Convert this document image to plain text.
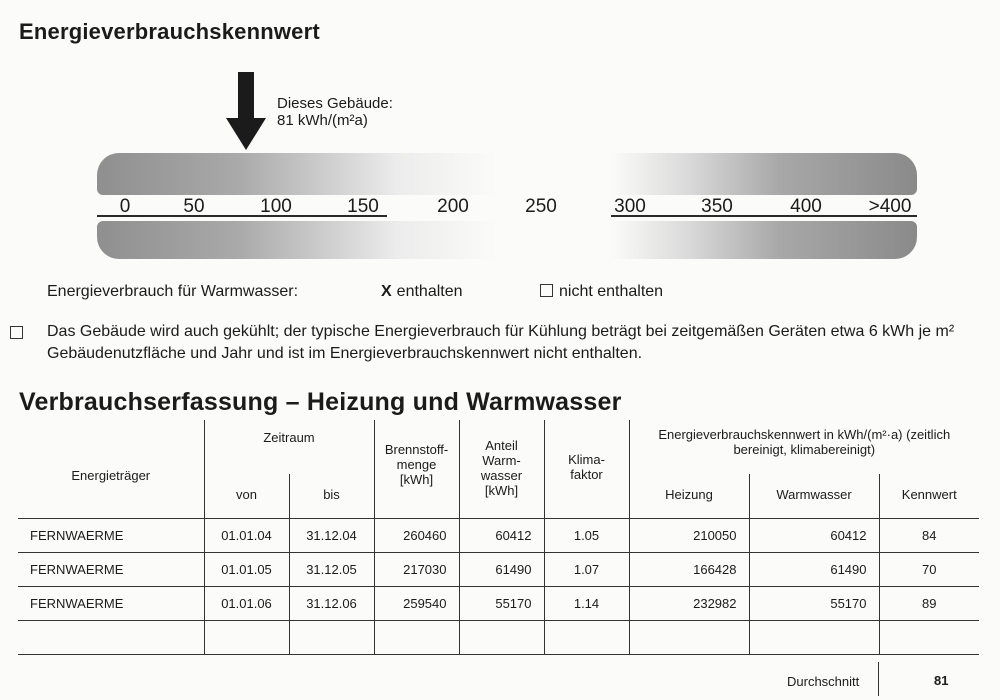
Energieverbrauchskennwert
Dieses Gebäude:
81 kWh/(m²a)
0	50	100	150	200	250	300	350	400 >400
Energieverbrauch für Warmwasser:	X enthalten	nicht enthalten
Das Gebäude wird auch gekühlt; der typische Energieverbrauch für Kühlung beträgt bei zeitgemäßen Geräten etwa 6 kWh je m² Gebäudenutzfläche und Jahr und ist im Energieverbrauchskennwert nicht enthalten.
Verbrauchserfassung – Heizung und Warmwasser
Energieträger	Zeitraum		Brennstoff-menge [kWh]	Anteil Warm-wasser [kWh]	Klima-faktor	Energieverbrauchskennwert in kWh/(m²·a) (zeitlich bereinigt, klimabereinigt)		
	von	bis				Heizung	Warmwasser	Kennwert
FERNWAERME	01.01.04	31.12.04	260460	60412	1.05	210050	60412	84
FERNWAERME	01.01.05	31.12.05	217030	61490	1.07	166428	61490	70
FERNWAERME	01.01.06	31.12.06	259540	55170	1.14	232982	55170	89

Durchschnitt	81
